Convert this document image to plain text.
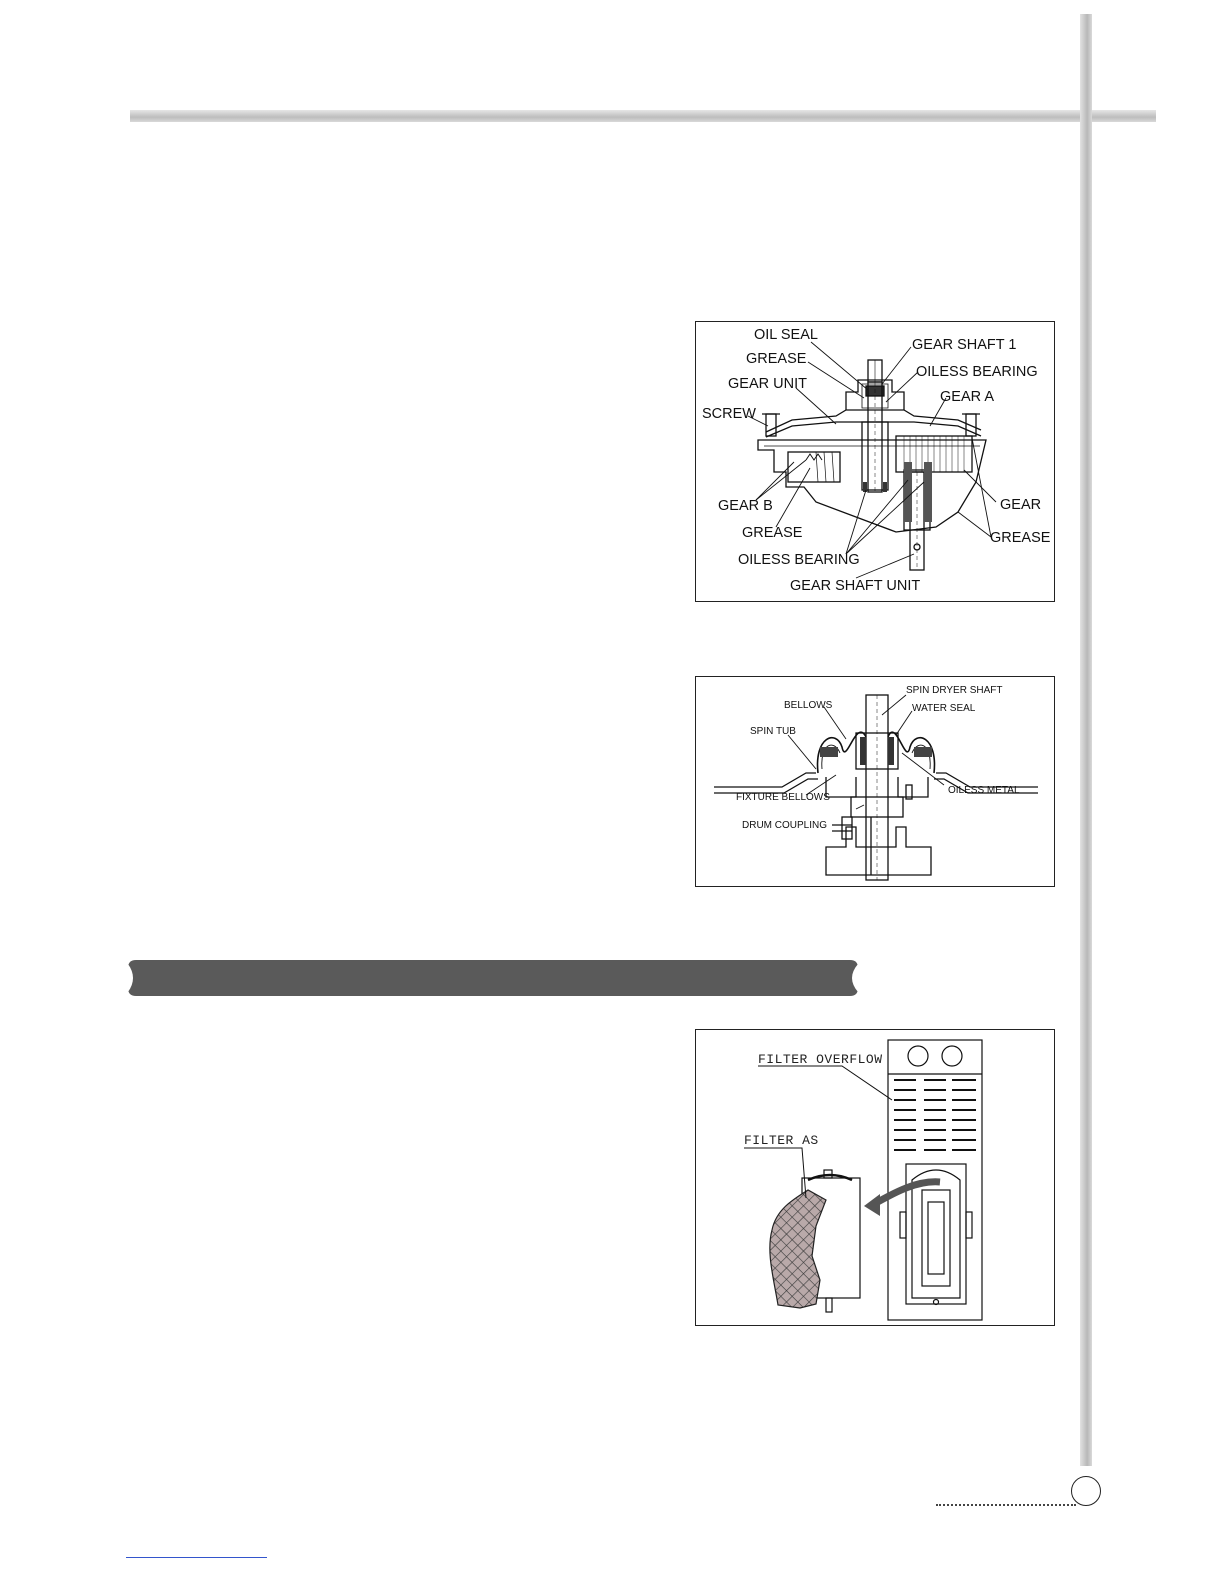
OIL SEAL
GREASE
GEAR UNIT
SCREW
GEAR B
GREASE
OILESS BEARING
GEAR SHAFT UNIT
GEAR SHAFT 1
OILESS BEARING
GEAR A
GEAR
GREASE
BELLOWS
SPIN TUB
FIXTURE BELLOWS
DRUM COUPLING
SPIN DRYER SHAFT
WATER SEAL
OILESS METAL
FILTER OVERFLOW
FILTER AS
